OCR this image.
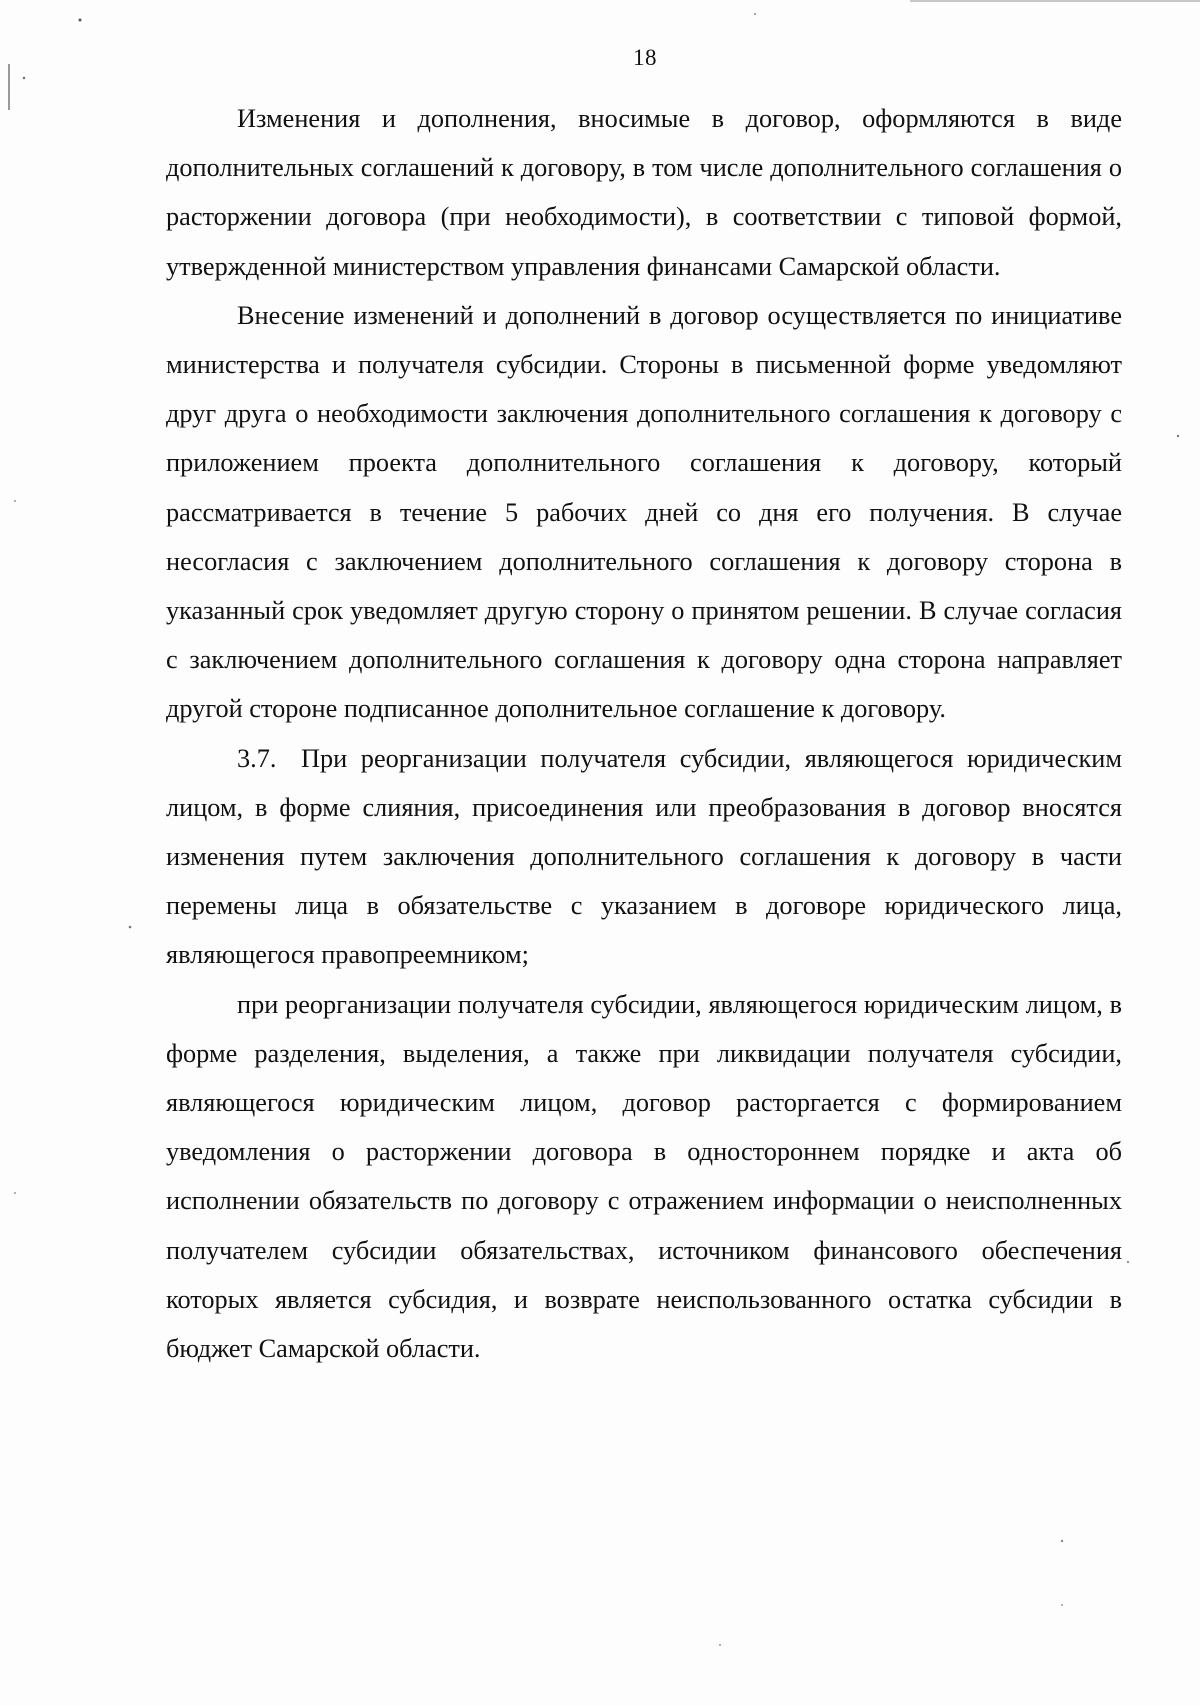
18

Изменения и дополнения, вносимые в договор, оформляются в виде дополнительных соглашений к договору, в том числе дополнительного соглашения о расторжении договора (при необходимости), в соответствии с типовой формой, утвержденной министерством управления финансами Самарской области.

Внесение изменений и дополнений в договор осуществляется по инициативе министерства и получателя субсидии. Стороны в письменной форме уведомляют друг друга о необходимости заключения дополнительного соглашения к договору с приложением проекта дополнительного соглашения к договору, который рассматривается в течение 5 рабочих дней со дня его получения. В случае несогласия с заключением дополнительного соглашения к договору сторона в указанный срок уведомляет другую сторону о принятом решении. В случае согласия с заключением дополнительного соглашения к договору одна сторона направляет другой стороне подписанное дополнительное соглашение к договору.

3.7. При реорганизации получателя субсидии, являющегося юридическим лицом, в форме слияния, присоединения или преобразования в договор вносятся изменения путем заключения дополнительного соглашения к договору в части перемены лица в обязательстве с указанием в договоре юридического лица, являющегося правопреемником;

при реорганизации получателя субсидии, являющегося юридическим лицом, в форме разделения, выделения, а также при ликвидации получателя субсидии, являющегося юридическим лицом, договор расторгается с формированием уведомления о расторжении договора в одностороннем порядке и акта об исполнении обязательств по договору с отражением информации о неисполненных получателем субсидии обязательствах, источником финансового обеспечения которых является субсидия, и возврате неиспользованного остатка субсидии в бюджет Самарской области.
